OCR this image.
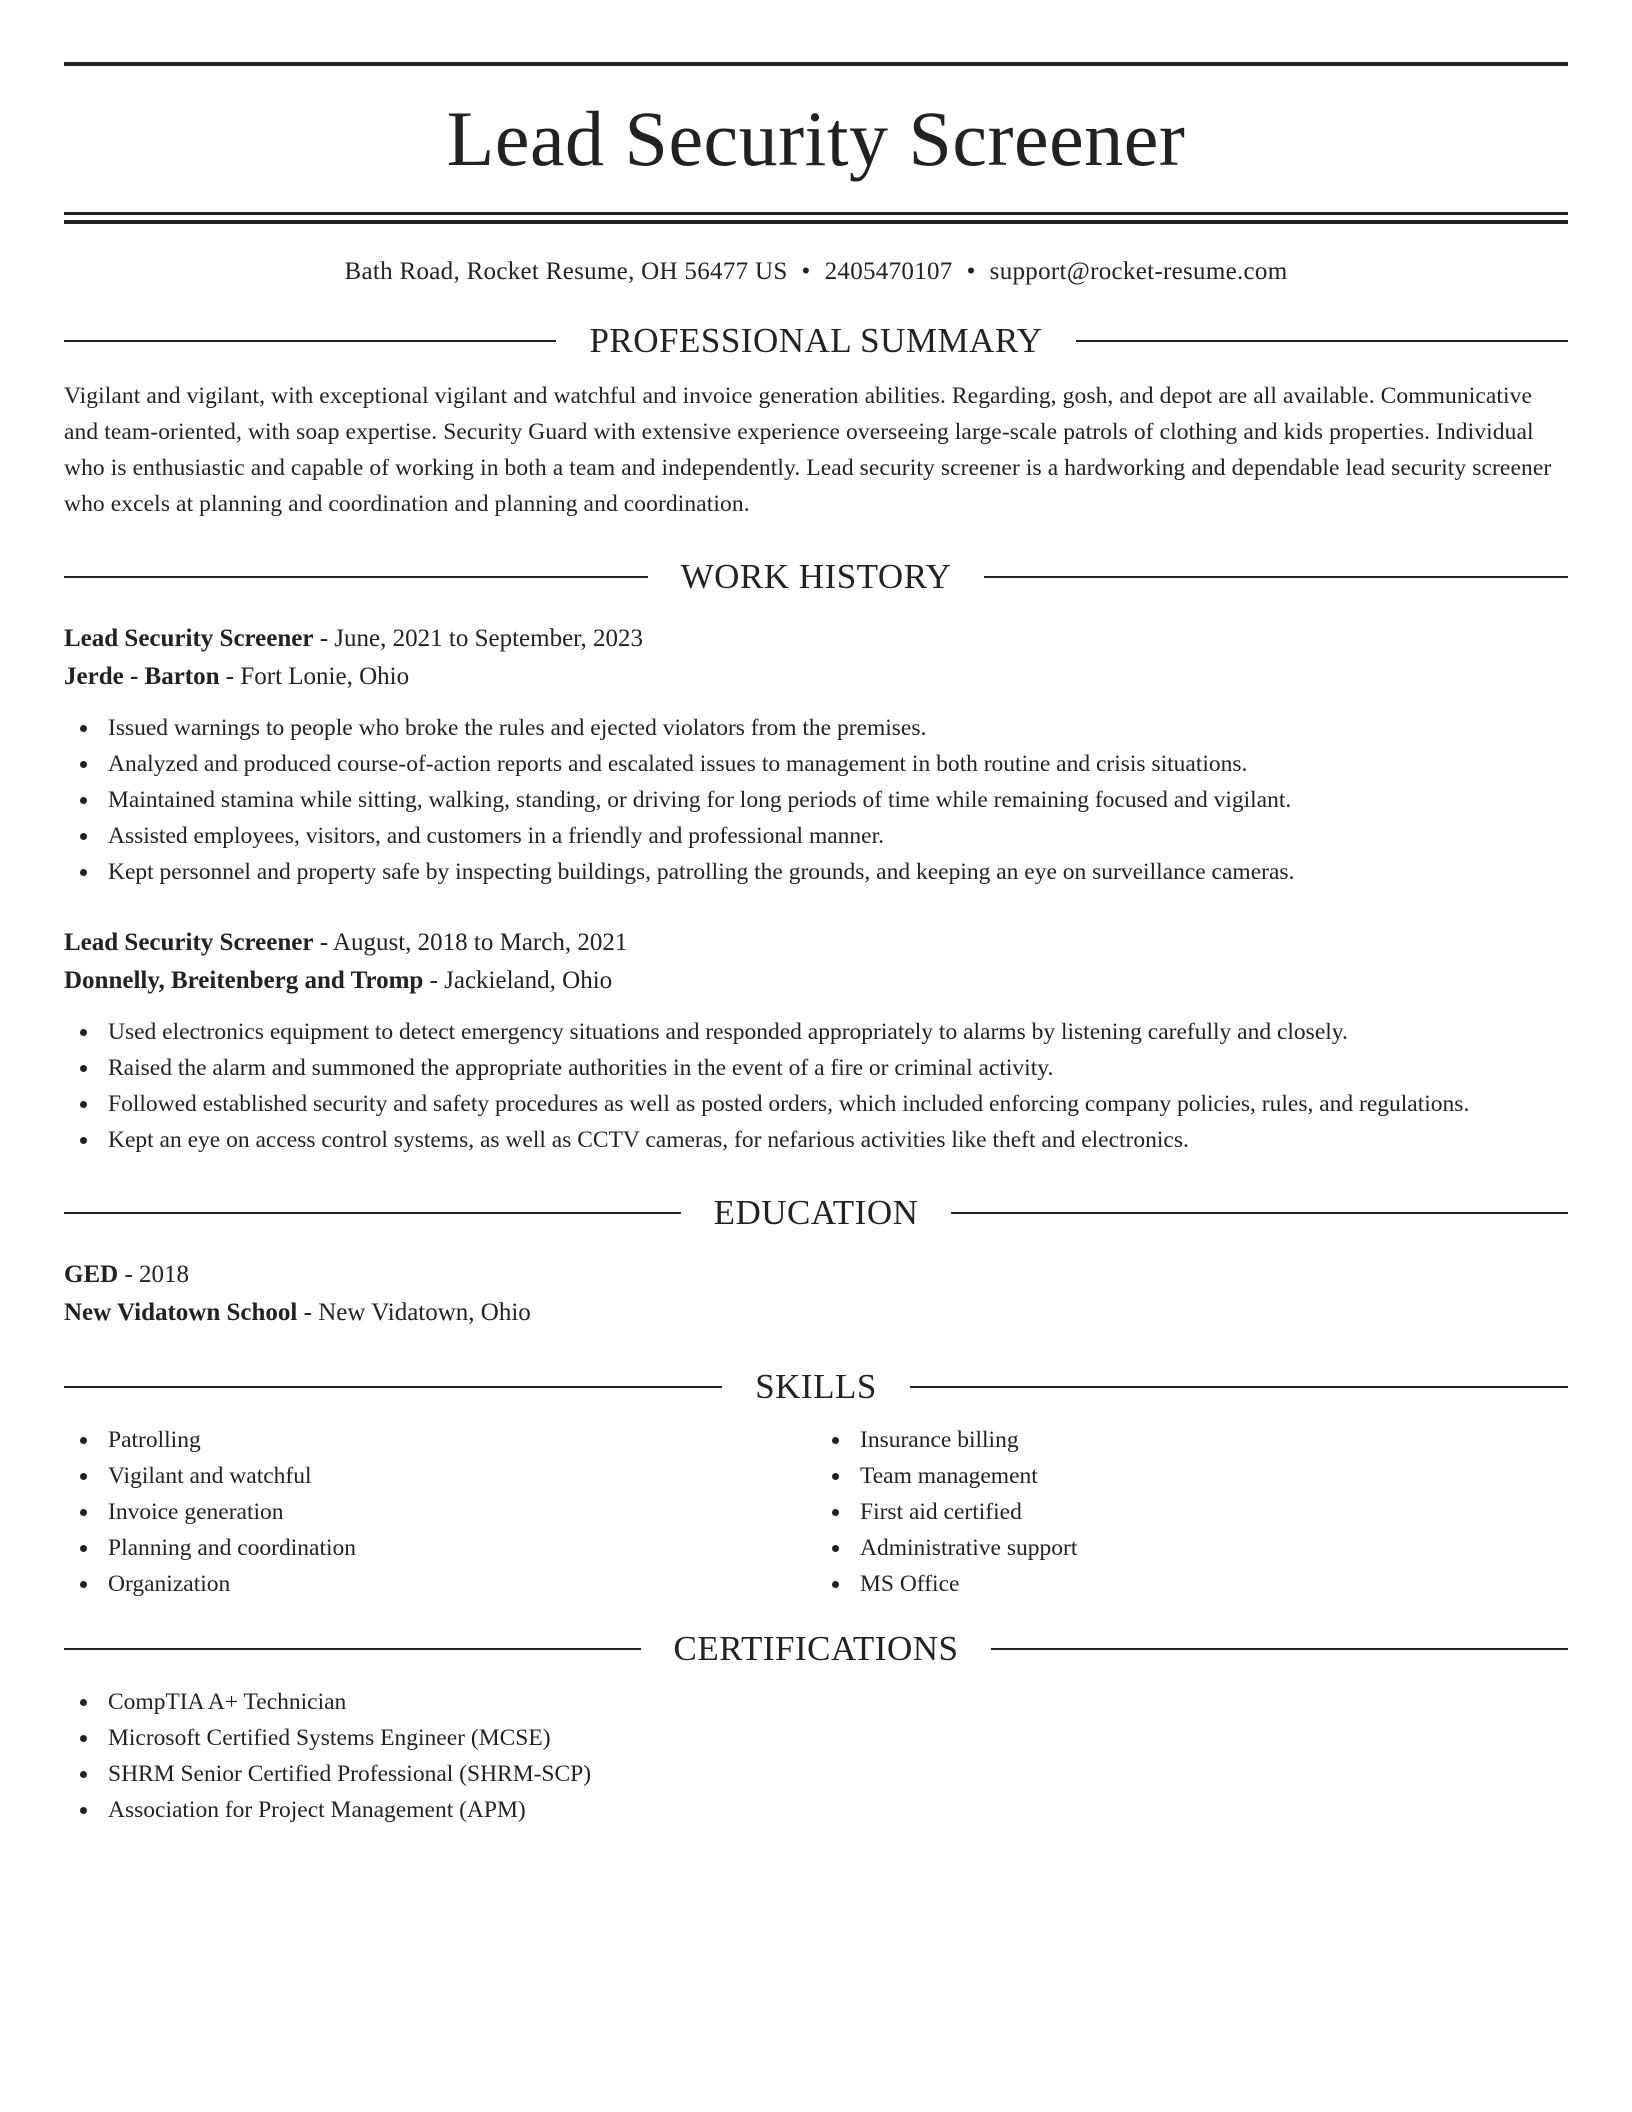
Lead Security Screener
Bath Road, Rocket Resume, OH 56477 US • 2405470107 • support@rocket-resume.com
PROFESSIONAL SUMMARY
Vigilant and vigilant, with exceptional vigilant and watchful and invoice generation abilities. Regarding, gosh, and depot are all available. Communicative and team-oriented, with soap expertise. Security Guard with extensive experience overseeing large-scale patrols of clothing and kids properties. Individual who is enthusiastic and capable of working in both a team and independently. Lead security screener is a hardworking and dependable lead security screener who excels at planning and coordination and planning and coordination.
WORK HISTORY
Lead Security Screener - June, 2021 to September, 2023
Jerde - Barton - Fort Lonie, Ohio
Issued warnings to people who broke the rules and ejected violators from the premises.
Analyzed and produced course-of-action reports and escalated issues to management in both routine and crisis situations.
Maintained stamina while sitting, walking, standing, or driving for long periods of time while remaining focused and vigilant.
Assisted employees, visitors, and customers in a friendly and professional manner.
Kept personnel and property safe by inspecting buildings, patrolling the grounds, and keeping an eye on surveillance cameras.
Lead Security Screener - August, 2018 to March, 2021
Donnelly, Breitenberg and Tromp - Jackieland, Ohio
Used electronics equipment to detect emergency situations and responded appropriately to alarms by listening carefully and closely.
Raised the alarm and summoned the appropriate authorities in the event of a fire or criminal activity.
Followed established security and safety procedures as well as posted orders, which included enforcing company policies, rules, and regulations.
Kept an eye on access control systems, as well as CCTV cameras, for nefarious activities like theft and electronics.
EDUCATION
GED - 2018
New Vidatown School - New Vidatown, Ohio
SKILLS
Patrolling
Vigilant and watchful
Invoice generation
Planning and coordination
Organization
Insurance billing
Team management
First aid certified
Administrative support
MS Office
CERTIFICATIONS
CompTIA A+ Technician
Microsoft Certified Systems Engineer (MCSE)
SHRM Senior Certified Professional (SHRM-SCP)
Association for Project Management (APM)
